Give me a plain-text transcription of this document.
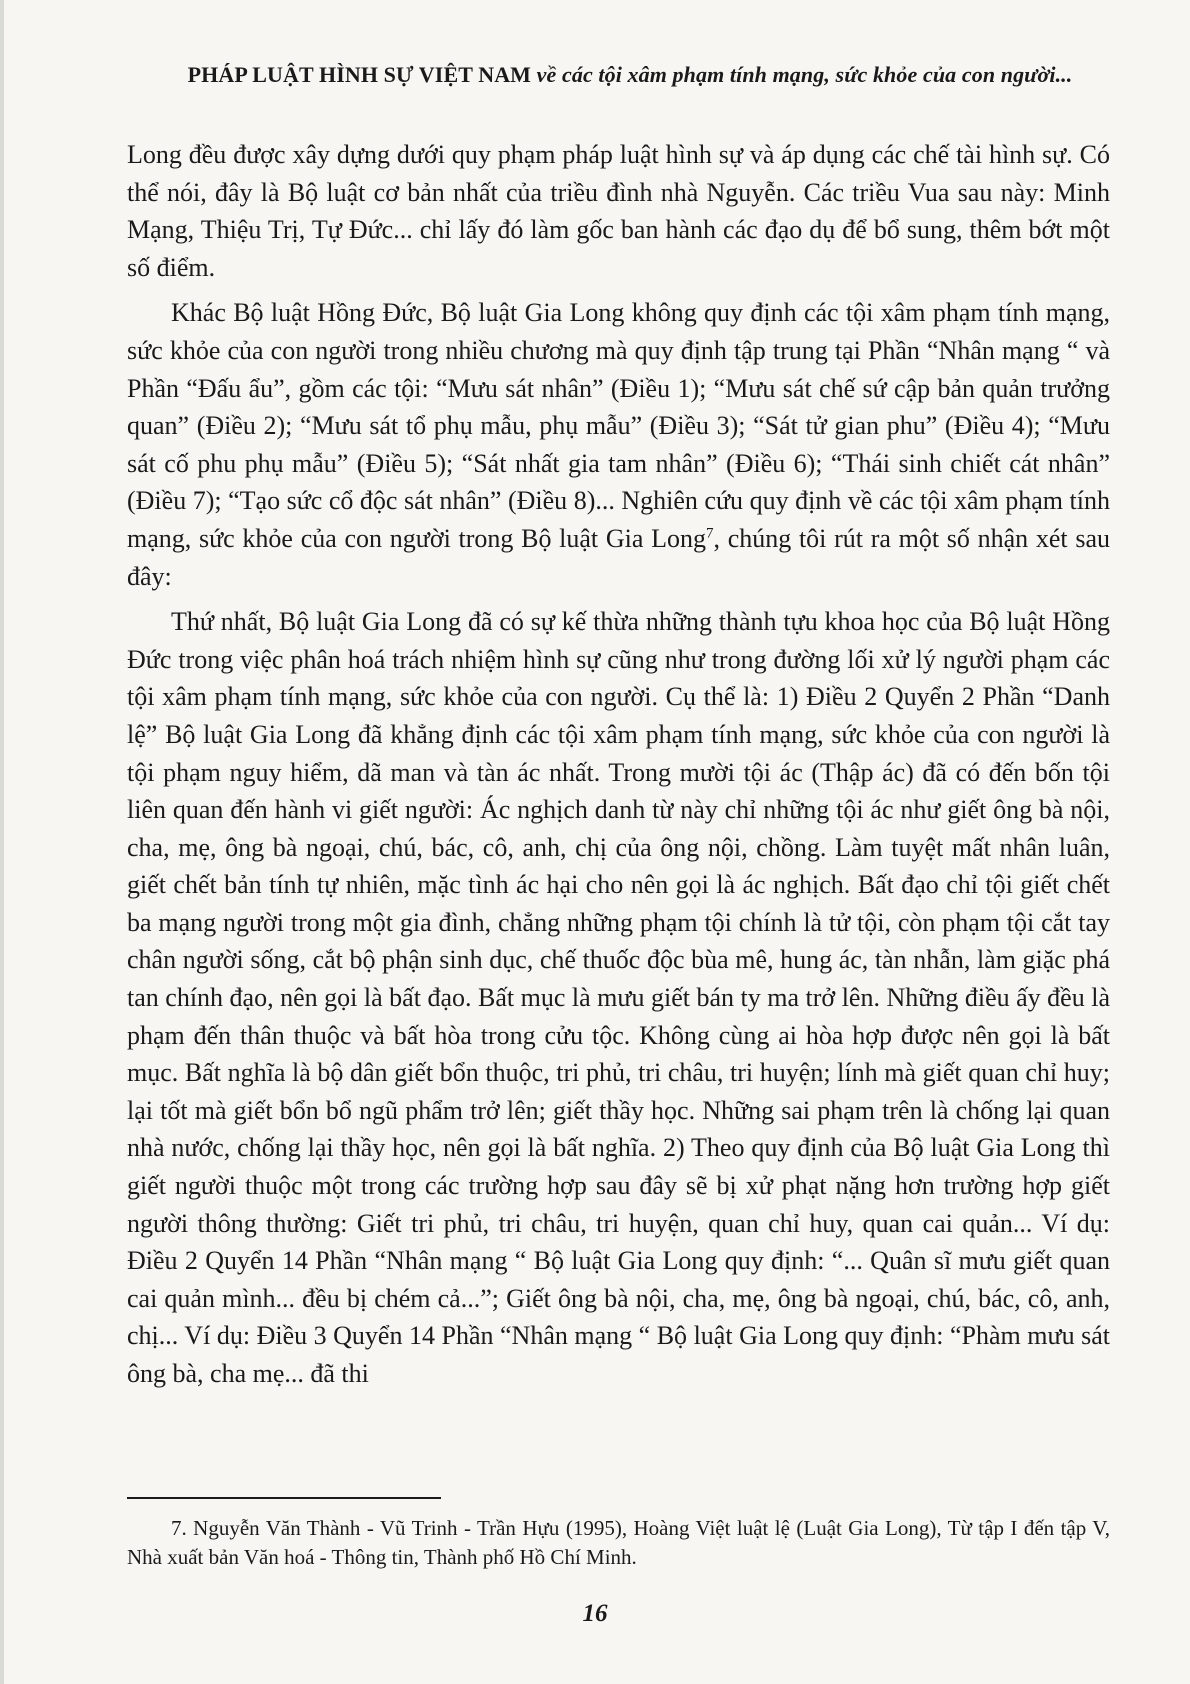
PHÁP LUẬT HÌNH SỰ VIỆT NAM về các tội xâm phạm tính mạng, sức khỏe của con người...

Long đều được xây dựng dưới quy phạm pháp luật hình sự và áp dụng các chế tài hình sự. Có thể nói, đây là Bộ luật cơ bản nhất của triều đình nhà Nguyễn. Các triều Vua sau này: Minh Mạng, Thiệu Trị, Tự Đức... chỉ lấy đó làm gốc ban hành các đạo dụ để bổ sung, thêm bớt một số điểm.

Khác Bộ luật Hồng Đức, Bộ luật Gia Long không quy định các tội xâm phạm tính mạng, sức khỏe của con người trong nhiều chương mà quy định tập trung tại Phần “Nhân mạng “ và Phần “Đấu ẩu”, gồm các tội: “Mưu sát nhân” (Điều 1); “Mưu sát chế sứ cập bản quản trưởng quan” (Điều 2); “Mưu sát tổ phụ mẫu, phụ mẫu” (Điều 3); “Sát tử gian phu” (Điều 4); “Mưu sát cố phu phụ mẫu” (Điều 5); “Sát nhất gia tam nhân” (Điều 6); “Thái sinh chiết cát nhân” (Điều 7); “Tạo sức cổ độc sát nhân” (Điều 8)... Nghiên cứu quy định về các tội xâm phạm tính mạng, sức khỏe của con người trong Bộ luật Gia Long$^7$, chúng tôi rút ra một số nhận xét sau đây:

Thứ nhất, Bộ luật Gia Long đã có sự kế thừa những thành tựu khoa học của Bộ luật Hồng Đức trong việc phân hoá trách nhiệm hình sự cũng như trong đường lối xử lý người phạm các tội xâm phạm tính mạng, sức khỏe của con người. Cụ thể là: 1) Điều 2 Quyển 2 Phần “Danh lệ” Bộ luật Gia Long đã khẳng định các tội xâm phạm tính mạng, sức khỏe của con người là tội phạm nguy hiểm, dã man và tàn ác nhất. Trong mười tội ác (Thập ác) đã có đến bốn tội liên quan đến hành vi giết người: Ác nghịch danh từ này chỉ những tội ác như giết ông bà nội, cha, mẹ, ông bà ngoại, chú, bác, cô, anh, chị của ông nội, chồng. Làm tuyệt mất nhân luân, giết chết bản tính tự nhiên, mặc tình ác hại cho nên gọi là ác nghịch. Bất đạo chỉ tội giết chết ba mạng người trong một gia đình, chẳng những phạm tội chính là tử tội, còn phạm tội cắt tay chân người sống, cắt bộ phận sinh dục, chế thuốc độc bùa mê, hung ác, tàn nhẫn, làm giặc phá tan chính đạo, nên gọi là bất đạo. Bất mục là mưu giết bán ty ma trở lên. Những điều ấy đều là phạm đến thân thuộc và bất hòa trong cửu tộc. Không cùng ai hòa hợp được nên gọi là bất mục. Bất nghĩa là bộ dân giết bổn thuộc, tri phủ, tri châu, tri huyện; lính mà giết quan chỉ huy; lại tốt mà giết bổn bổ ngũ phẩm trở lên; giết thầy học. Những sai phạm trên là chống lại quan nhà nước, chống lại thầy học, nên gọi là bất nghĩa. 2) Theo quy định của Bộ luật Gia Long thì giết người thuộc một trong các trường hợp sau đây sẽ bị xử phạt nặng hơn trường hợp giết người thông thường: Giết tri phủ, tri châu, tri huyện, quan chỉ huy, quan cai quản... Ví dụ: Điều 2 Quyển 14 Phần “Nhân mạng “ Bộ luật Gia Long quy định: “... Quân sĩ mưu giết quan cai quản mình... đều bị chém cả...”; Giết ông bà nội, cha, mẹ, ông bà ngoại, chú, bác, cô, anh, chị... Ví dụ: Điều 3 Quyển 14 Phần “Nhân mạng “ Bộ luật Gia Long quy định: “Phàm mưu sát ông bà, cha mẹ... đã thi

7. Nguyễn Văn Thành - Vũ Trinh - Trần Hựu (1995), Hoàng Việt luật lệ (Luật Gia Long), Từ tập I đến tập V, Nhà xuất bản Văn hoá - Thông tin, Thành phố Hồ Chí Minh.
16
